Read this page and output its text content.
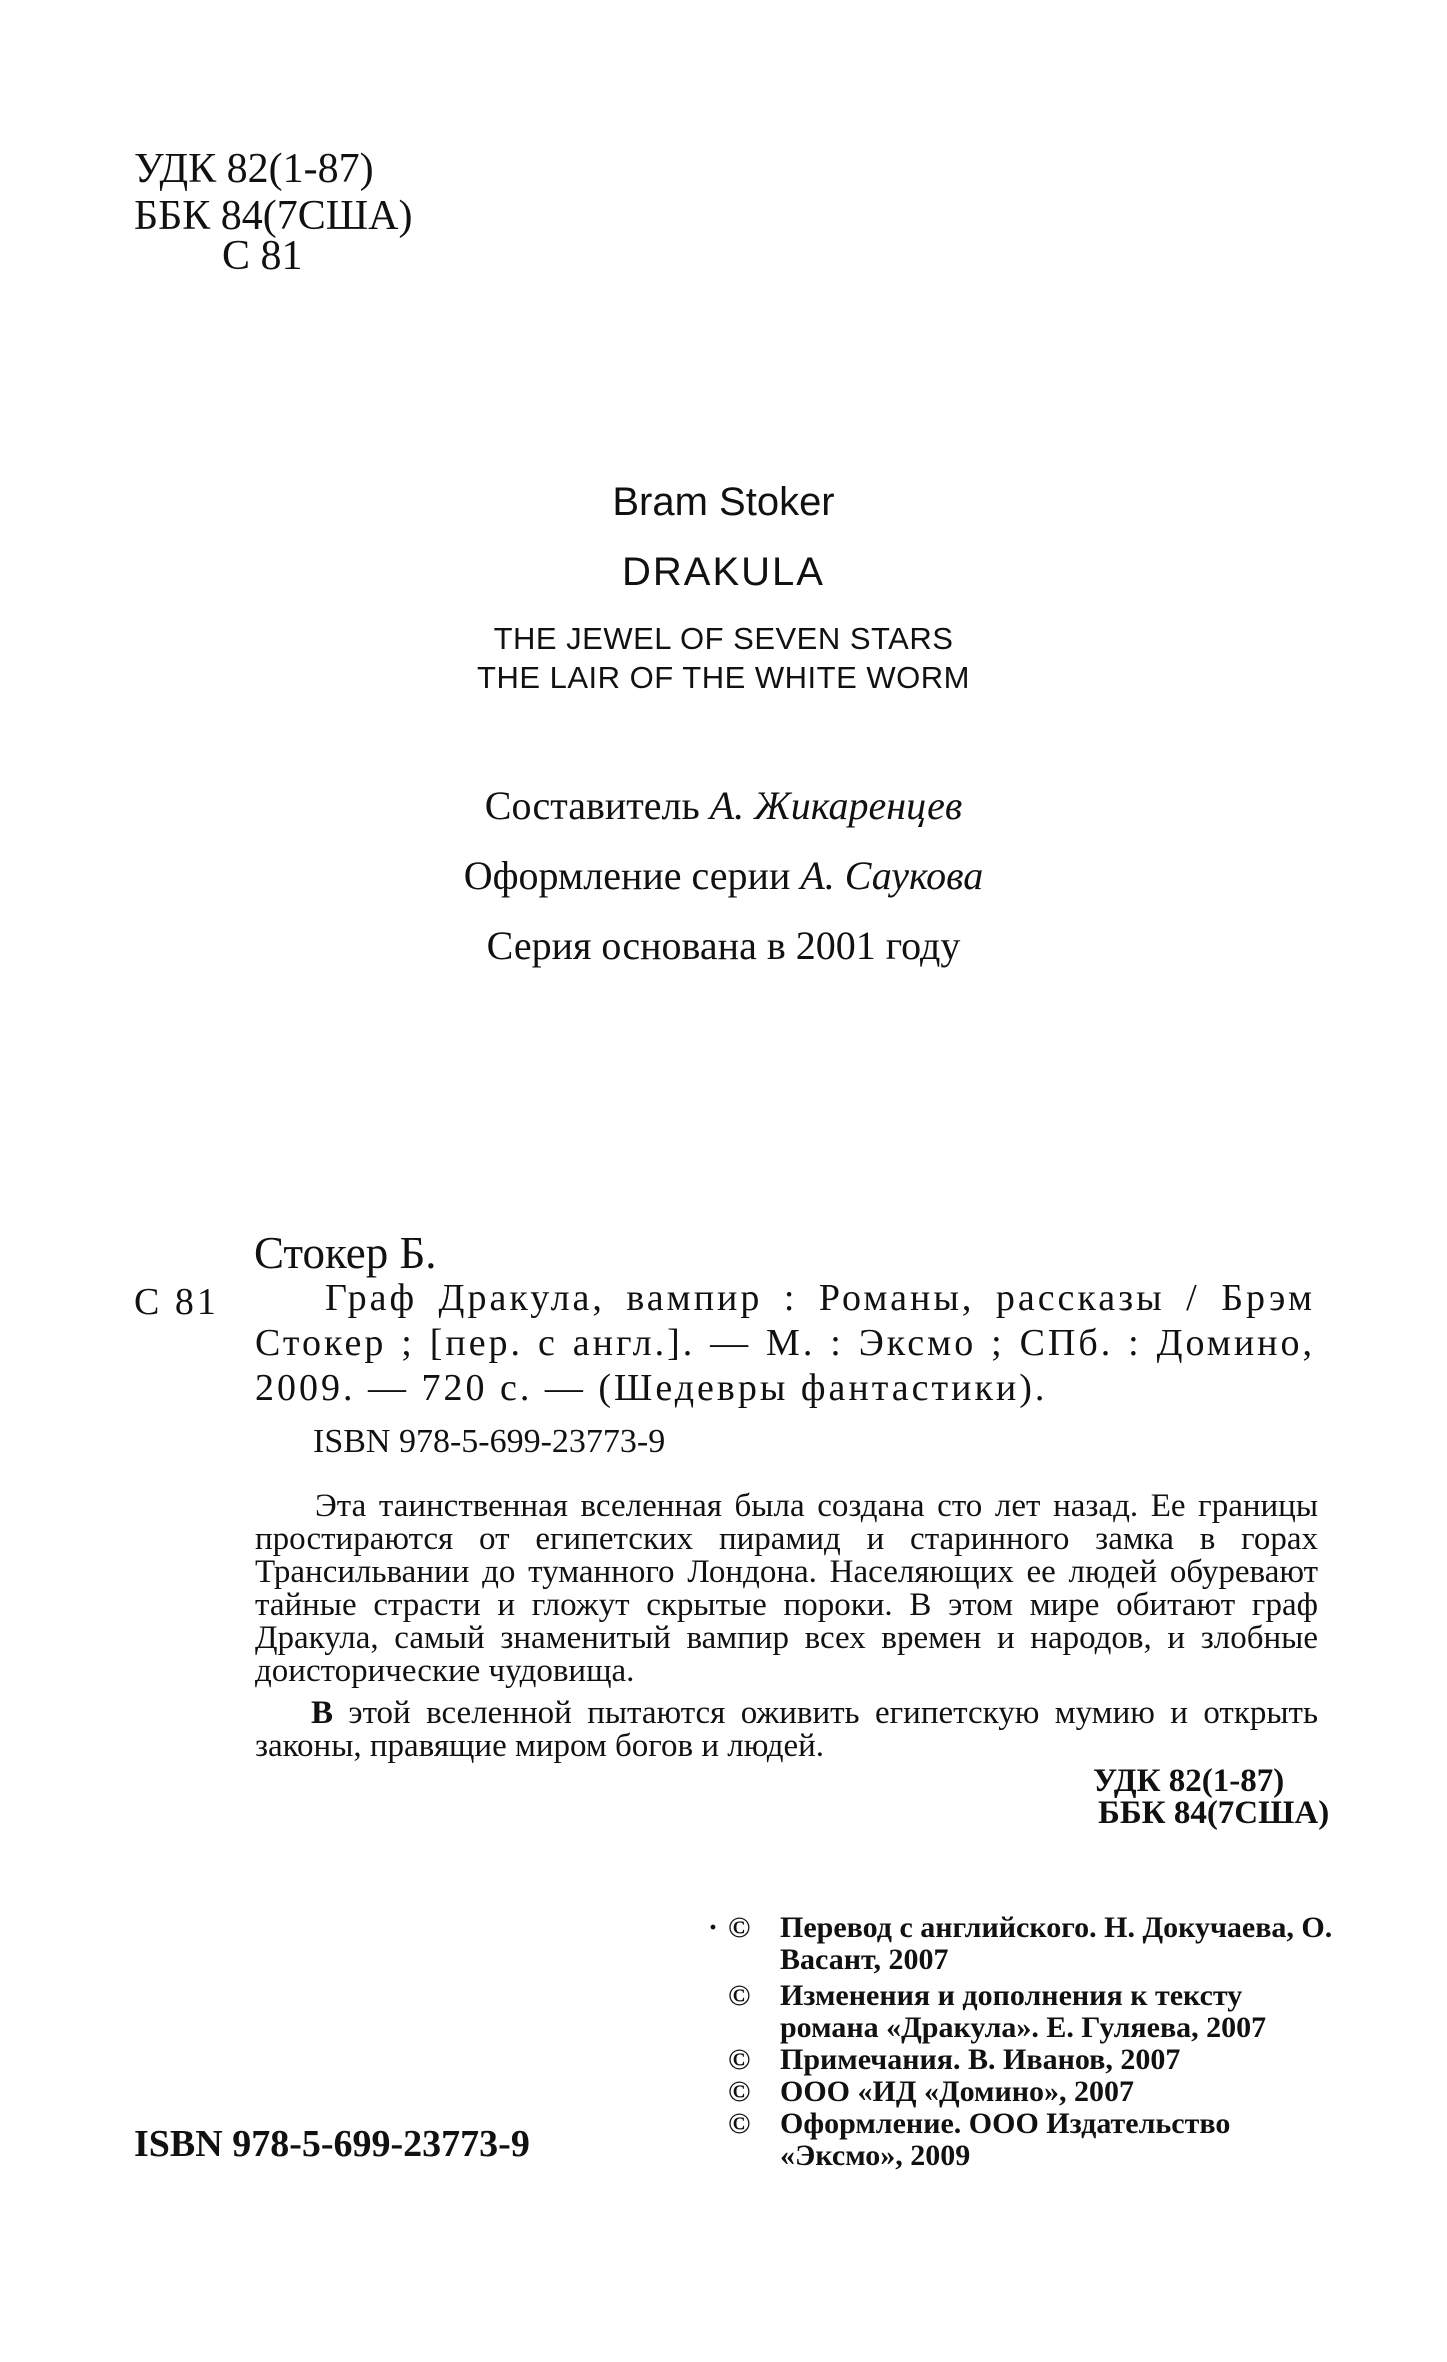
УДК 82(1-87)
ББК 84(7США)
С 81
Bram Stoker
DRAKULA
THE JEWEL OF SEVEN STARS
THE LAIR OF THE WHITE WORM
Составитель А. Жикаренцев
Оформление серии А. Саукова
Серия основана в 2001 году
Стокер Б.
С 81	Граф Дракула, вампир : Романы, рассказы / Брэм Стокер ; [пер. с англ.]. — М. : Эксмо ; СПб. : Домино, 2009. — 720 с. — (Шедевры фантастики).
ISBN 978-5-699-23773-9

Эта таинственная вселенная была создана сто лет назад. Ее границы простираются от египетских пирамид и старинного замка в горах Трансильвании до туманного Лондона. Населяющих ее людей обуревают тайные страсти и гложут скрытые пороки. В этом мире обитают граф Дракула, самый знаменитый вампир всех времен и народов, и злобные доисторические чудовища.

В этой вселенной пытаются оживить египетскую мумию и открыть законы, правящие миром богов и людей.

УДК 82(1-87)
ББК 84(7США)
· © Перевод с английского. Н. Докучаева, О. Васант, 2007
© Изменения и дополнения к тексту романа «Дракула». Е. Гуляева, 2007
© Примечания. В. Иванов, 2007
© ООО «ИД «Домино», 2007
© Оформление. ООО Издательство «Эксмо», 2009
ISBN 978-5-699-23773-9
